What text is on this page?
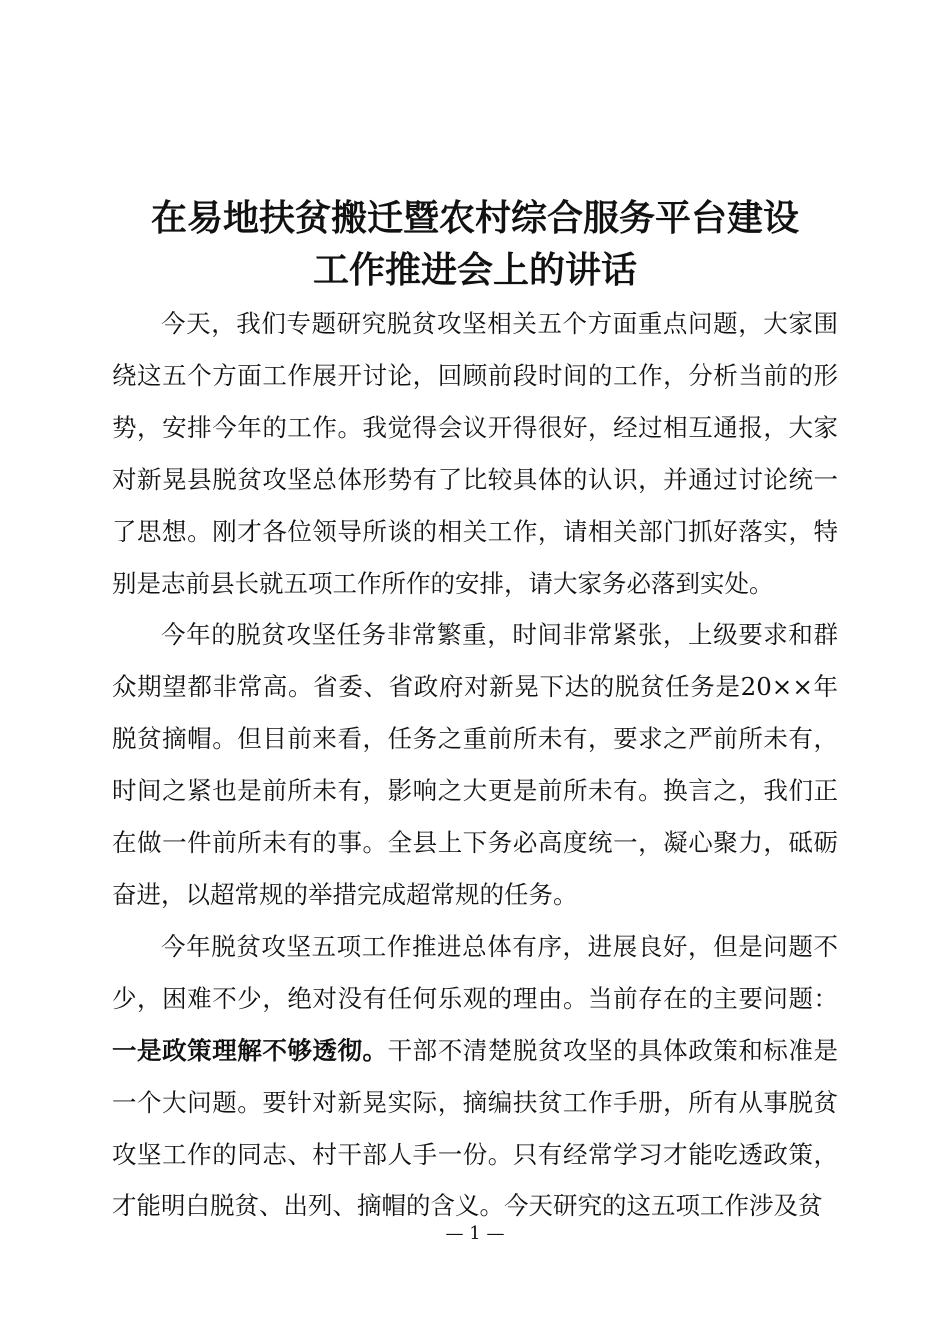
在易地扶贫搬迁暨农村综合服务平台建设
工作推进会上的讲话

今天，我们专题研究脱贫攻坚相关五个方面重点问题，大家围绕这五个方面工作展开讨论，回顾前段时间的工作，分析当前的形势，安排今年的工作。我觉得会议开得很好，经过相互通报，大家对新晃县脱贫攻坚总体形势有了比较具体的认识，并通过讨论统一了思想。刚才各位领导所谈的相关工作，请相关部门抓好落实，特别是志前县长就五项工作所作的安排，请大家务必落到实处。

今年的脱贫攻坚任务非常繁重，时间非常紧张，上级要求和群众期望都非常高。省委、省政府对新晃下达的脱贫任务是20××年脱贫摘帽。但目前来看，任务之重前所未有，要求之严前所未有，时间之紧也是前所未有，影响之大更是前所未有。换言之，我们正在做一件前所未有的事。全县上下务必高度统一，凝心聚力，砥砺奋进，以超常规的举措完成超常规的任务。

今年脱贫攻坚五项工作推进总体有序，进展良好，但是问题不少，困难不少，绝对没有任何乐观的理由。当前存在的主要问题：一是政策理解不够透彻。干部不清楚脱贫攻坚的具体政策和标准是一个大问题。要针对新晃实际，摘编扶贫工作手册，所有从事脱贫攻坚工作的同志、村干部人手一份。只有经常学习才能吃透政策，才能明白脱贫、出列、摘帽的含义。今天研究的这五项工作涉及贫

— 1 —
